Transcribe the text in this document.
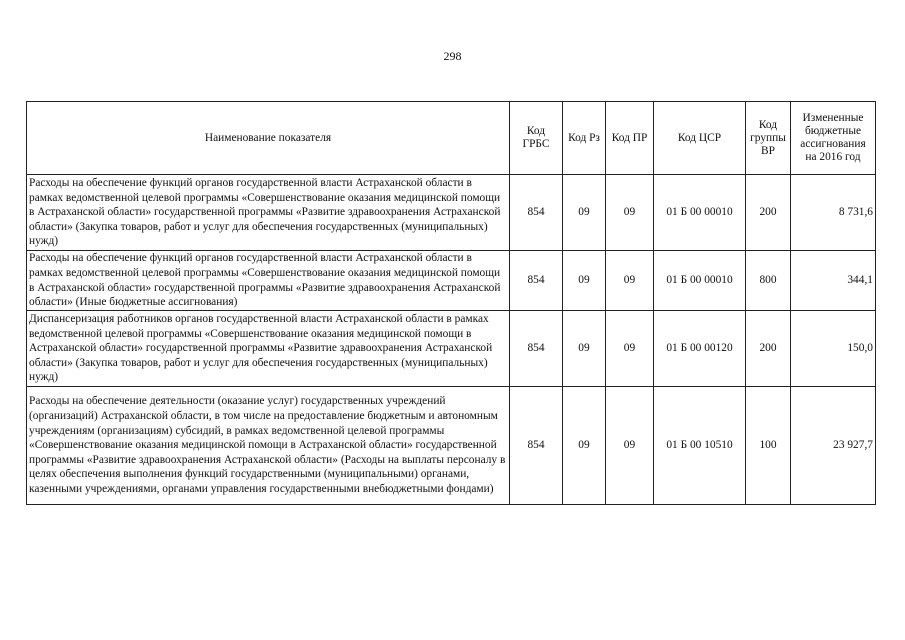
298
Наименование показателя	Код ГРБС	Код Рз	Код ПР	Код ЦСР	Код группы ВР	Измененные бюджетные ассигнования на 2016 год
Расходы на обеспечение функций органов государственной власти Астраханской области в рамках ведомственной целевой программы «Совершенствование оказания медицинской помощи в Астраханской области» государственной программы «Развитие здравоохранения Астраханской области» (Закупка товаров, работ и услуг для обеспечения государственных (муниципальных) нужд)	854	09	09	01 Б 00 00010	200	8 731,6
Расходы на обеспечение функций органов государственной власти Астраханской области в рамках ведомственной целевой программы «Совершенствование оказания медицинской помощи в Астраханской области» государственной программы «Развитие здравоохранения Астраханской области» (Иные бюджетные ассигнования)	854	09	09	01 Б 00 00010	800	344,1
Диспансеризация работников органов государственной власти Астраханской области в рамках ведомственной целевой программы «Совершенствование оказания медицинской помощи в Астраханской области» государственной программы «Развитие здравоохранения Астраханской области» (Закупка товаров, работ и услуг для обеспечения государственных (муниципальных) нужд)	854	09	09	01 Б 00 00120	200	150,0
Расходы на обеспечение деятельности (оказание услуг) государственных учреждений (организаций) Астраханской области, в том числе на предоставление бюджетным и автономным учреждениям (организациям) субсидий, в рамках ведомственной целевой программы «Совершенствование оказания медицинской помощи в Астраханской области» государственной программы «Развитие здравоохранения Астраханской области» (Расходы на выплаты персоналу в целях обеспечения выполнения функций государственными (муниципальными) органами, казенными учреждениями, органами управления государственными внебюджетными фондами)	854	09	09	01 Б 00 10510	100	23 927,7
